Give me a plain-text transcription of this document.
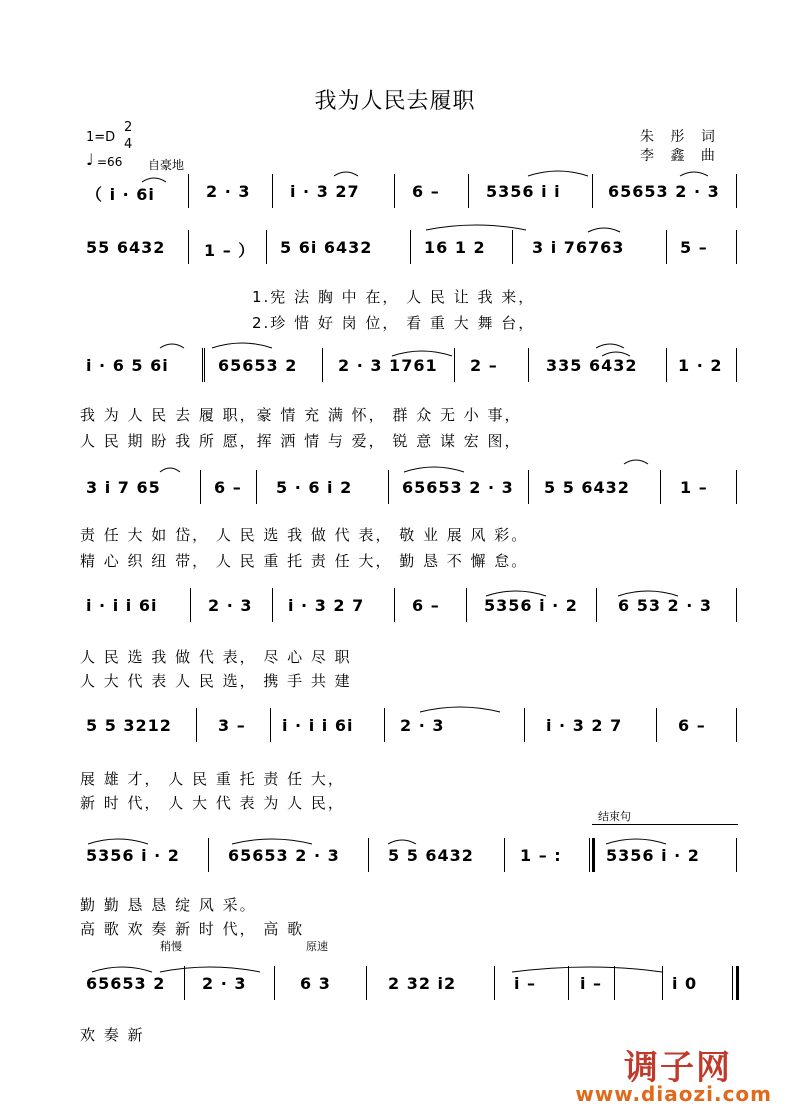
我为人民去履职
1=D
2
4
♩ =66 自豪地
朱 彤 词
李 鑫 曲
（ i · 6i	2 · 3 i · 3 27	6 –	5356 i i	65653 2 · 3
55 6432 1 – ） 5 6i 6432	16 1 2	3 i 76763	5 –
1.宪 法 胸 中 在， 人 民 让 我 来，
2.珍 惜 好 岗 位， 看 重 大 舞 台，
i · 6 5 6i	65653 2	2 · 3 1761 2 –	335 6432	1 · 2
我 为 人 民 去 履 职，豪 情 充 满 怀， 群 众 无 小 事，
人 民 期 盼 我 所 愿，挥 洒 情 与 爱， 锐 意 谋 宏 图，
3 i 7 65	6 – 5 · 6 i 2	65653 2 · 3 5 5 6432	1 –
责 任 大 如 岱， 人 民 选 我 做 代 表， 敬 业 展 风 彩。
精 心 织 纽 带， 人 民 重 托 责 任 大， 勤 恳 不 懈 怠。
i · i i 6i	2 · 3 i · 3 2 7	6 –	5356 i · 2	6 53 2 · 3
人 民 选 我 做 代 表， 尽 心 尽 职
人 大 代 表 人 民 选， 携 手 共 建
5 5 3212	3 – i · i i 6i	2 · 3	i · 3 2 7	6 –
展 雄 才， 人 民 重 托 责 任 大，
新 时 代， 人 大 代 表 为 人 民，
结束句
5356 i · 2	65653 2 · 3	5 5 6432	1 – :	5356 i · 2
勤 勤 恳 恳 绽 风 采。
高 歌 欢 奏 新 时 代， 高 歌
稍慢	原速
65653 2 2 · 3	6 3	2 32 i2	i –	i –	i 0
欢 奏 新
调子网
www.diaozi.com
